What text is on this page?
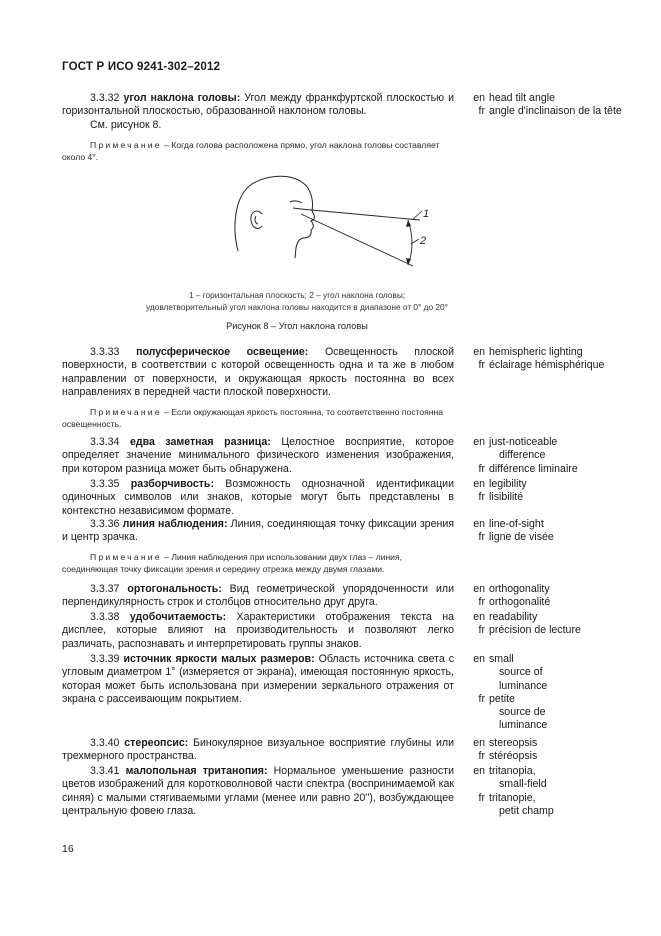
ГОСТ Р ИСО 9241-302–2012
3.3.32 угол наклона головы: Угол между франкфуртской плоскостью и горизонтальной плоскостью, образованной наклоном головы.
См. рисунок 8.
en head tilt angle
fr angle d'inclinaison de la tête
Примечание – Когда голова расположена прямо, угол наклона головы составляет около 4°.
1
2
1 – горизонтальная плоскость; 2 – угол наклона головы;
удовлетворительный угол наклона головы находится в диапазоне от 0° до 20°
Рисунок 8 – Угол наклона головы
3.3.33 полусферическое освещение: Освещенность плоской поверхности, в соответствии с которой освещенность одна и та же в любом направлении от поверхности, и окружающая яркость постоянна во всех направлениях в передней части плоской поверхности.
en hemispheric lighting
fr éclairage hémisphérique
Примечание – Если окружающая яркость постоянна, то соответственно постоянна освещенность.
3.3.34 едва заметная разница: Целостное восприятие, которое определяет значение минимального физического изменения изображения, при котором разница может быть обнаружена.
en just-noticeable
difference
fr différence liminaire
3.3.35 разборчивость: Возможность однозначной идентификации одиночных символов или знаков, которые могут быть представлены в контекстно независимом формате.
en legibility
fr lisibilité
3.3.36 линия наблюдения: Линия, соединяющая точку фиксации зрения и центр зрачка.
en line-of-sight
fr ligne de visée
Примечание – Линия наблюдения при использовании двух глаз – линия, соединяющая точку фиксации зрения и середину отрезка между двумя глазами.
3.3.37 ортогональность: Вид геометрической упорядоченности или перпендикулярность строк и столбцов относительно друг друга.
en orthogonality
fr orthogonalité
3.3.38 удобочитаемость: Характеристики отображения текста на дисплее, которые влияют на производительность и позволяют легко различать, распознавать и интерпретировать группы знаков.
en readability
fr précision de lecture
3.3.39 источник яркости малых размеров: Область источника света с угловым диаметром 1° (измеряется от экрана), имеющая постоянную яркость, которая может быть использована при измерении зеркального отражения от экрана с рассеивающим покрытием.
en small
source of
luminance
fr petite
source de
luminance
3.3.40 стереопсис: Бинокулярное визуальное восприятие глубины или трехмерного пространства.
en stereopsis
fr stéréopsis
3.3.41 малопольная тританопия: Нормальное уменьшение разности цветов изображений для коротковолновой части спектра (воспринимаемой как синяя) с малыми стягиваемыми углами (менее или равно 20''), возбуждающее центральную фовею глаза.
en tritanopia,
small-field
fr tritanopie,
petit champ
16
